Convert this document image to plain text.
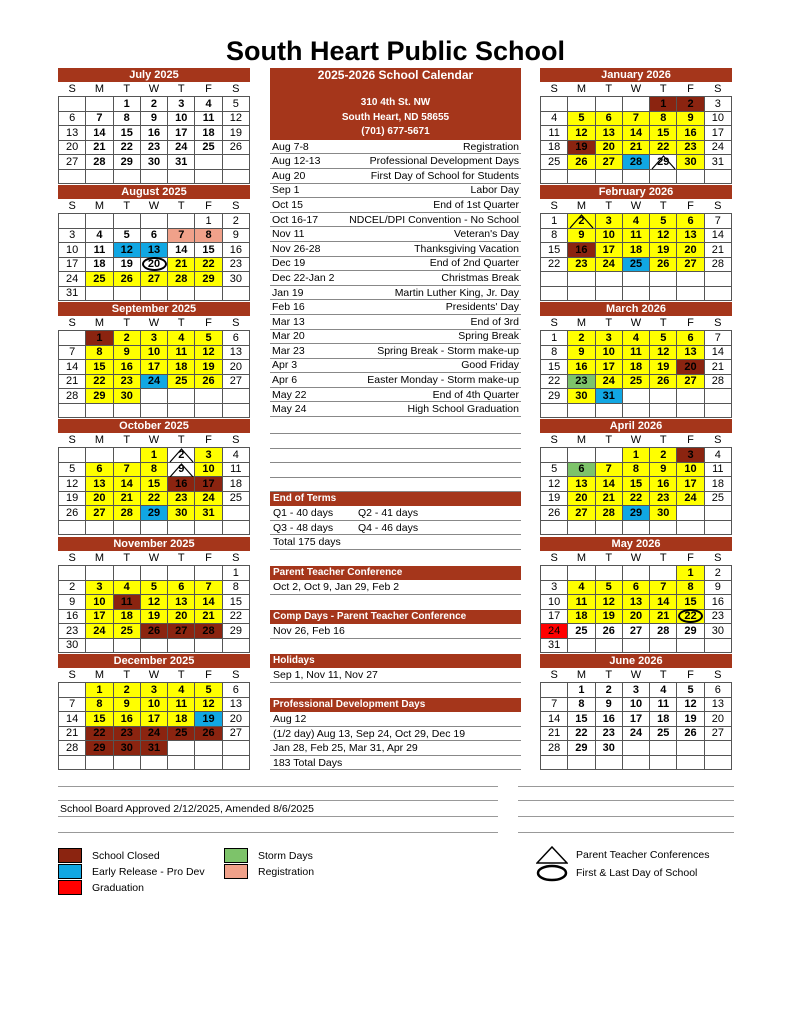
South Heart Public School
July 2025
S	M	T	W	T	F	S
		1	2	3	4	5
6	7	8	9	10	11	12
13	14	15	16	17	18	19
20	21	22	23	24	25	26
27	28	29	30	31		

August 2025
S	M	T	W	T	F	S
					1	2
3	4	5	6	7	8	9
10	11	12	13	14	15	16
17	18	19	20	21	22	23
24	25	26	27	28	29	30
31						
September 2025
S	M	T	W	T	F	S
	1	2	3	4	5	6
7	8	9	10	11	12	13
14	15	16	17	18	19	20
21	22	23	24	25	26	27
28	29	30				

October 2025
S	M	T	W	T	F	S
			1	2	3	4
5	6	7	8	9	10	11
12	13	14	15	16	17	18
19	20	21	22	23	24	25
26	27	28	29	30	31	

November 2025
S	M	T	W	T	F	S
						1
2	3	4	5	6	7	8
9	10	11	12	13	14	15
16	17	18	19	20	21	22
23	24	25	26	27	28	29
30						
December 2025
S	M	T	W	T	F	S
	1	2	3	4	5	6
7	8	9	10	11	12	13
14	15	16	17	18	19	20
21	22	23	24	25	26	27
28	29	30	31			

January 2026
S	M	T	W	T	F	S
				1	2	3
4	5	6	7	8	9	10
11	12	13	14	15	16	17
18	19	20	21	22	23	24
25	26	27	28	29	30	31

February 2026
S	M	T	W	T	F	S
1	2	3	4	5	6	7
8	9	10	11	12	13	14
15	16	17	18	19	20	21
22	23	24	25	26	27	28

March 2026
S	M	T	W	T	F	S
1	2	3	4	5	6	7
8	9	10	11	12	13	14
15	16	17	18	19	20	21
22	23	24	25	26	27	28
29	30	31				

April 2026
S	M	T	W	T	F	S
			1	2	3	4
5	6	7	8	9	10	11
12	13	14	15	16	17	18
19	20	21	22	23	24	25
26	27	28	29	30		

May 2026
S	M	T	W	T	F	S
					1	2
3	4	5	6	7	8	9
10	11	12	13	14	15	16
17	18	19	20	21	22	23
24	25	26	27	28	29	30
31						
June 2026
S	M	T	W	T	F	S
	1	2	3	4	5	6
7	8	9	10	11	12	13
14	15	16	17	18	19	20
21	22	23	24	25	26	27
28	29	30				

2025-2026 School Calendar
310 4th St. NW
South Heart, ND 58655
(701) 677-5671
Aug 7-8	Registration
Aug 12-13	Professional Development Days
Aug 20	First Day of School for Students
Sep 1	Labor Day
Oct 15	End of 1st Quarter
Oct 16-17	NDCEL/DPI Convention - No School
Nov 11	Veteran's Day
Nov 26-28	Thanksgiving Vacation
Dec 19	End of 2nd Quarter
Dec 22-Jan 2	Christmas Break
Jan 19	Martin Luther King, Jr. Day
Feb 16	Presidents' Day
Mar 13	End of 3rd
Mar 20	Spring Break
Mar 23	Spring Break - Storm make-up
Apr 3	Good Friday
Apr 6	Easter Monday - Storm make-up
May 22	End of 4th Quarter
May 24	High School Graduation
End of Terms
Q1 - 40 days Q2 - 41 days
Q3 - 48 days Q4 - 46 days
Total 175 days
Parent Teacher Conference
Oct 2, Oct 9, Jan 29, Feb 2
Comp Days - Parent Teacher Conference
Nov 26, Feb 16
Holidays
Sep 1, Nov 11, Nov 27
Professional Development Days
Aug 12
(1/2 day) Aug 13, Sep 24, Oct 29, Dec 19
Jan 28, Feb 25, Mar 31, Apr 29
183 Total Days
School Board Approved 2/12/2025, Amended 8/6/2025
School Closed
Early Release - Pro Dev
Graduation
Storm Days
Registration
Parent Teacher Conferences
First & Last Day of School
